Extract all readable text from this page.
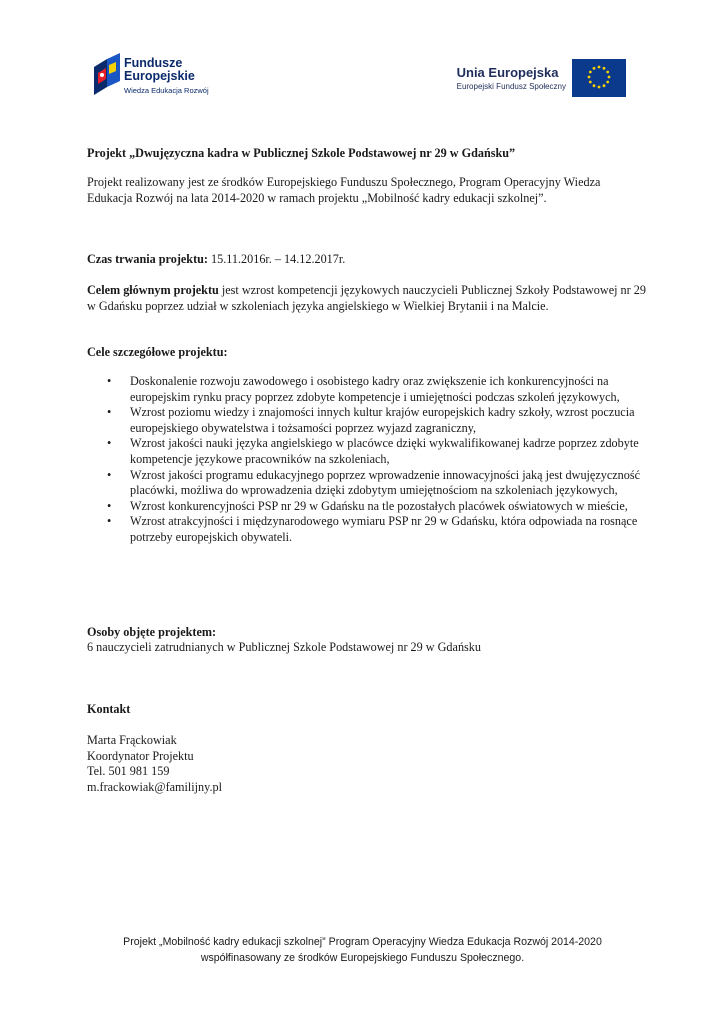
Fundusze
Europejskie
Wiedza Edukacja Rozwój
Unia Europejska
Europejski Fundusz Społeczny
Projekt „Dwujęzyczna kadra w Publicznej Szkole Podstawowej nr 29 w Gdańsku”

Projekt realizowany jest ze środków Europejskiego Funduszu Społecznego, Program Operacyjny Wiedza Edukacja Rozwój na lata 2014-2020 w ramach projektu „Mobilność kadry edukacji szkolnej”.

Czas trwania projektu: 15.11.2016r. – 14.12.2017r.

Celem głównym projektu jest wzrost kompetencji językowych nauczycieli Publicznej Szkoły Podstawowej nr 29 w Gdańsku poprzez udział w szkoleniach języka angielskiego w Wielkiej Brytanii i na Malcie.

Cele szczegółowe projektu:
• Doskonalenie rozwoju zawodowego i osobistego kadry oraz zwiększenie ich konkurencyjności na europejskim rynku pracy poprzez zdobyte kompetencje i umiejętności podczas szkoleń językowych,
• Wzrost poziomu wiedzy i znajomości innych kultur krajów europejskich kadry szkoły, wzrost poczucia europejskiego obywatelstwa i tożsamości poprzez wyjazd zagraniczny,
• Wzrost jakości nauki języka angielskiego w placówce dzięki wykwalifikowanej kadrze poprzez zdobyte kompetencje językowe pracowników na szkoleniach,
• Wzrost jakości programu edukacyjnego poprzez wprowadzenie innowacyjności jaką jest dwujęzyczność placówki, możliwa do wprowadzenia dzięki zdobytym umiejętnościom na szkoleniach językowych,
• Wzrost konkurencyjności PSP nr 29 w Gdańsku na tle pozostałych placówek oświatowych w mieście,
• Wzrost atrakcyjności i międzynarodowego wymiaru PSP nr 29 w Gdańsku, która odpowiada na rosnące potrzeby europejskich obywateli.
Osoby objęte projektem:
6 nauczycieli zatrudnianych w Publicznej Szkole Podstawowej nr 29 w Gdańsku
Kontakt
Marta Frąckowiak
Koordynator Projektu
Tel. 501 981 159
m.frackowiak@familijny.pl
Projekt „Mobilność kadry edukacji szkolnej” Program Operacyjny Wiedza Edukacja Rozwój 2014-2020
współfinasowany ze środków Europejskiego Funduszu Społecznego.
